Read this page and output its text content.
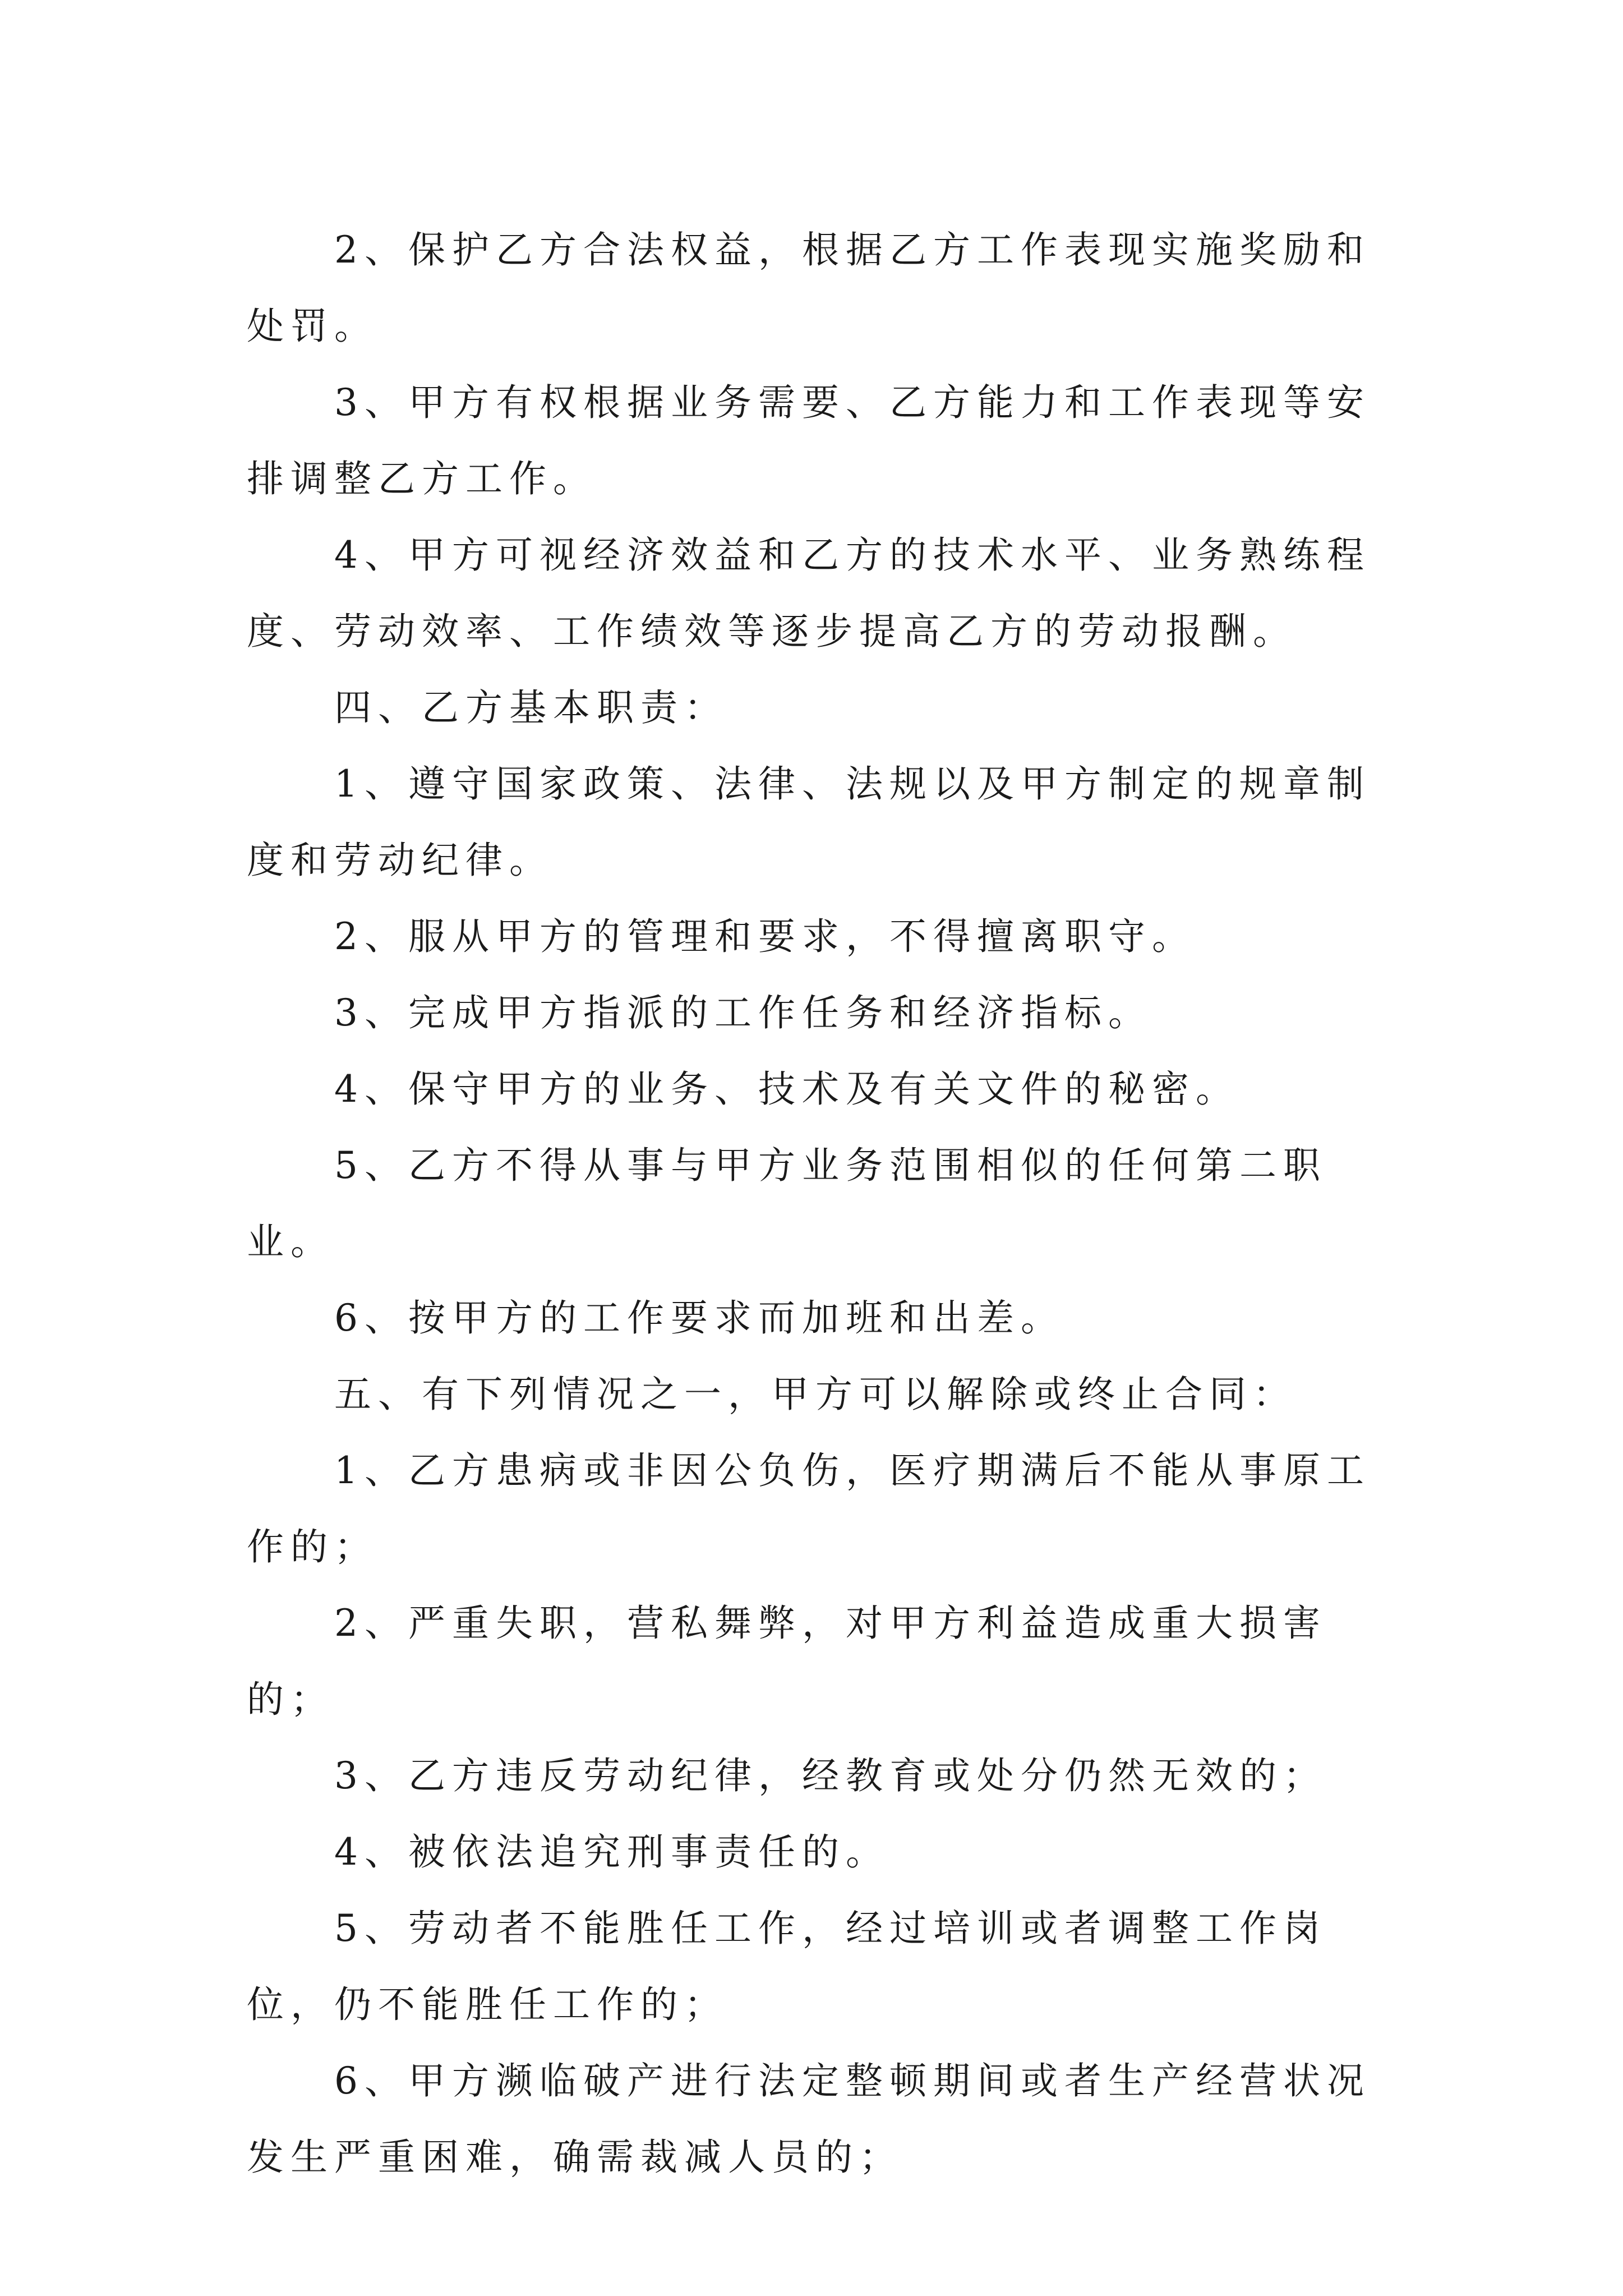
2、保护乙方合法权益，根据乙方工作表现实施奖励和处罚。

3、甲方有权根据业务需要、乙方能力和工作表现等安排调整乙方工作。

4、甲方可视经济效益和乙方的技术水平、业务熟练程度、劳动效率、工作绩效等逐步提高乙方的劳动报酬。

四、乙方基本职责：

1、遵守国家政策、法律、法规以及甲方制定的规章制度和劳动纪律。

2、服从甲方的管理和要求，不得擅离职守。

3、完成甲方指派的工作任务和经济指标。

4、保守甲方的业务、技术及有关文件的秘密。

5、乙方不得从事与甲方业务范围相似的任何第二职业。

6、按甲方的工作要求而加班和出差。

五、有下列情况之一，甲方可以解除或终止合同：

1、乙方患病或非因公负伤，医疗期满后不能从事原工作的；

2、严重失职，营私舞弊，对甲方利益造成重大损害的；

3、乙方违反劳动纪律，经教育或处分仍然无效的；

4、被依法追究刑事责任的。

5、劳动者不能胜任工作，经过培训或者调整工作岗位，仍不能胜任工作的；

6、甲方濒临破产进行法定整顿期间或者生产经营状况发生严重困难，确需裁减人员的；
